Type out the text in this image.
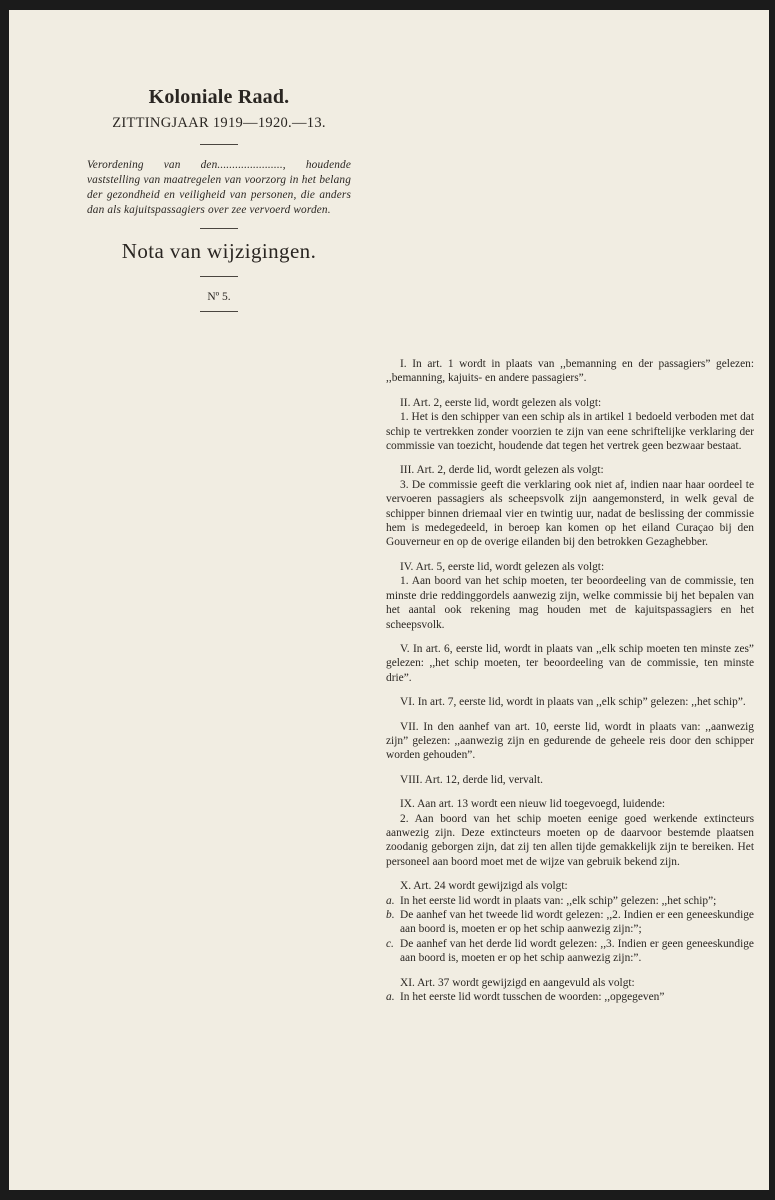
Koloniale Raad.
ZITTINGJAAR 1919—1920.—13.
Verordening van den......................, houdende vaststelling van maatregelen van voorzorg in het belang der gezondheid en veiligheid van personen, die anders dan als kajuitspassagiers over zee vervoerd worden.
Nota van wijzigingen.
Nº 5.

I. In art. 1 wordt in plaats van ,,bemanning en der passagiers” gelezen: ,,bemanning, kajuits- en andere passagiers”.

II. Art. 2, eerste lid, wordt gelezen als volgt:

1. Het is den schipper van een schip als in artikel 1 bedoeld verboden met dat schip te vertrekken zonder voorzien te zijn van eene schriftelijke verklaring der commissie van toezicht, houdende dat tegen het vertrek geen bezwaar bestaat.

III. Art. 2, derde lid, wordt gelezen als volgt:

3. De commissie geeft die verklaring ook niet af, indien naar haar oordeel te vervoeren passagiers als scheepsvolk zijn aangemonsterd, in welk geval de schipper binnen driemaal vier en twintig uur, nadat de beslissing der commissie hem is medegedeeld, in beroep kan komen op het eiland Curaçao bij den Gouverneur en op de overige eilanden bij den betrokken Gezaghebber.

IV. Art. 5, eerste lid, wordt gelezen als volgt:

1. Aan boord van het schip moeten, ter beoordeeling van de commissie, ten minste drie reddinggordels aanwezig zijn, welke commissie bij het bepalen van het aantal ook rekening mag houden met de kajuitspassagiers en het scheepsvolk.

V. In art. 6, eerste lid, wordt in plaats van ,,elk schip moeten ten minste zes” gelezen: ,,het schip moeten, ter beoordeeling van de commissie, ten minste drie”.

VI. In art. 7, eerste lid, wordt in plaats van ,,elk schip” gelezen: ,,het schip”.

VII. In den aanhef van art. 10, eerste lid, wordt in plaats van: ,,aanwezig zijn” gelezen: ,,aanwezig zijn en gedurende de geheele reis door den schipper worden gehouden”.

VIII. Art. 12, derde lid, vervalt.

IX. Aan art. 13 wordt een nieuw lid toegevoegd, luidende:

2. Aan boord van het schip moeten eenige goed werkende extincteurs aanwezig zijn. Deze extincteurs moeten op de daarvoor bestemde plaatsen zoodanig geborgen zijn, dat zij ten allen tijde gemakkelijk zijn te bereiken. Het personeel aan boord moet met de wijze van gebruik bekend zijn.

X. Art. 24 wordt gewijzigd als volgt:

a. In het eerste lid wordt in plaats van: ,,elk schip” gelezen: ,,het schip”;
b. De aanhef van het tweede lid wordt gelezen: ,,2. Indien er een geneeskundige aan boord is, moeten er op het schip aanwezig zijn:”;
c. De aanhef van het derde lid wordt gelezen: ,,3. Indien er geen geneeskundige aan boord is, moeten er op het schip aanwezig zijn:”.

XI. Art. 37 wordt gewijzigd en aangevuld als volgt:

a. In het eerste lid wordt tusschen de woorden: ,,opgegeven”
